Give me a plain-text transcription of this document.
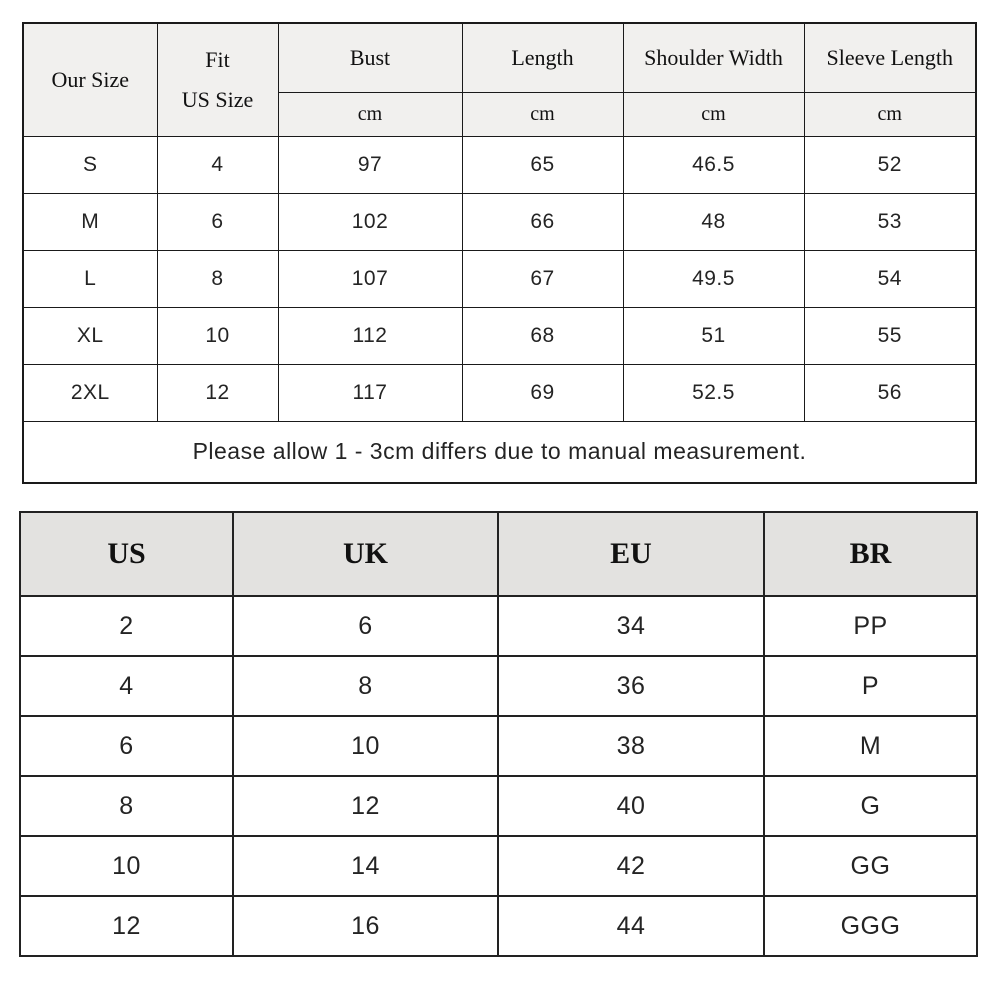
Our Size	Fit
US Size	Bust	Length	Shoulder Width	Sleeve Length
		cm	cm	cm	cm
S	4	97	65	46.5	52
M	6	102	66	48	53
L	8	107	67	49.5	54
XL	10	112	68	51	55
2XL	12	117	69	52.5	56
Please allow 1 - 3cm differs due to manual measurement.					
US	UK	EU	BR
2	6	34	PP
4	8	36	P
6	10	38	M
8	12	40	G
10	14	42	GG
12	16	44	GGG
